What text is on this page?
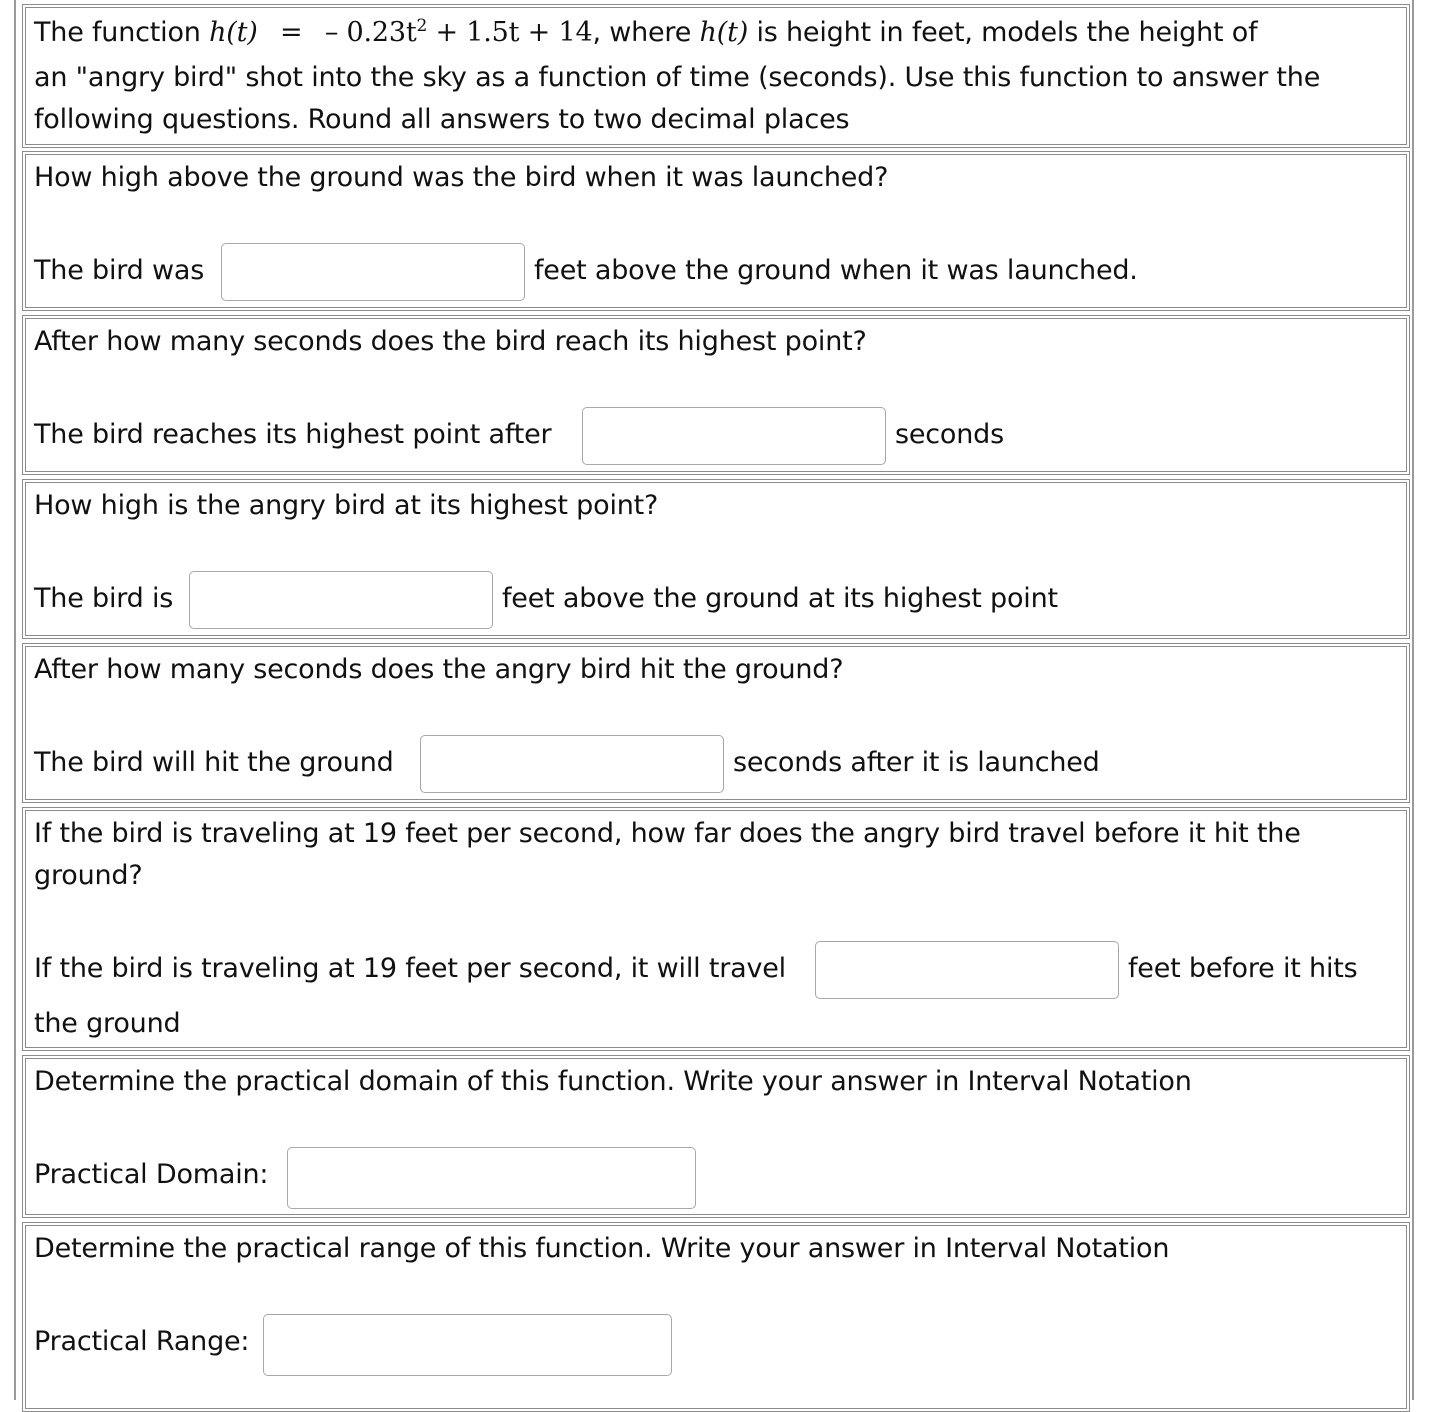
The function h(t) = – $0.23t^2 + 1.5t + 14$, where h(t) is height in feet, models the height of
an "angry bird" shot into the sky as a function of time (seconds). Use this function to answer the
following questions. Round all answers to two decimal places
How high above the ground was the bird when it was launched?
The bird was	feet above the ground when it was launched.
After how many seconds does the bird reach its highest point?
The bird reaches its highest point after	seconds
How high is the angry bird at its highest point?
The bird is	feet above the ground at its highest point
After how many seconds does the angry bird hit the ground?
The bird will hit the ground	seconds after it is launched
If the bird is traveling at 19 feet per second, how far does the angry bird travel before it hit the
ground?
If the bird is traveling at 19 feet per second, it will travel	feet before it hits
the ground
Determine the practical domain of this function. Write your answer in Interval Notation
Practical Domain:
Determine the practical range of this function. Write your answer in Interval Notation
Practical Range:
